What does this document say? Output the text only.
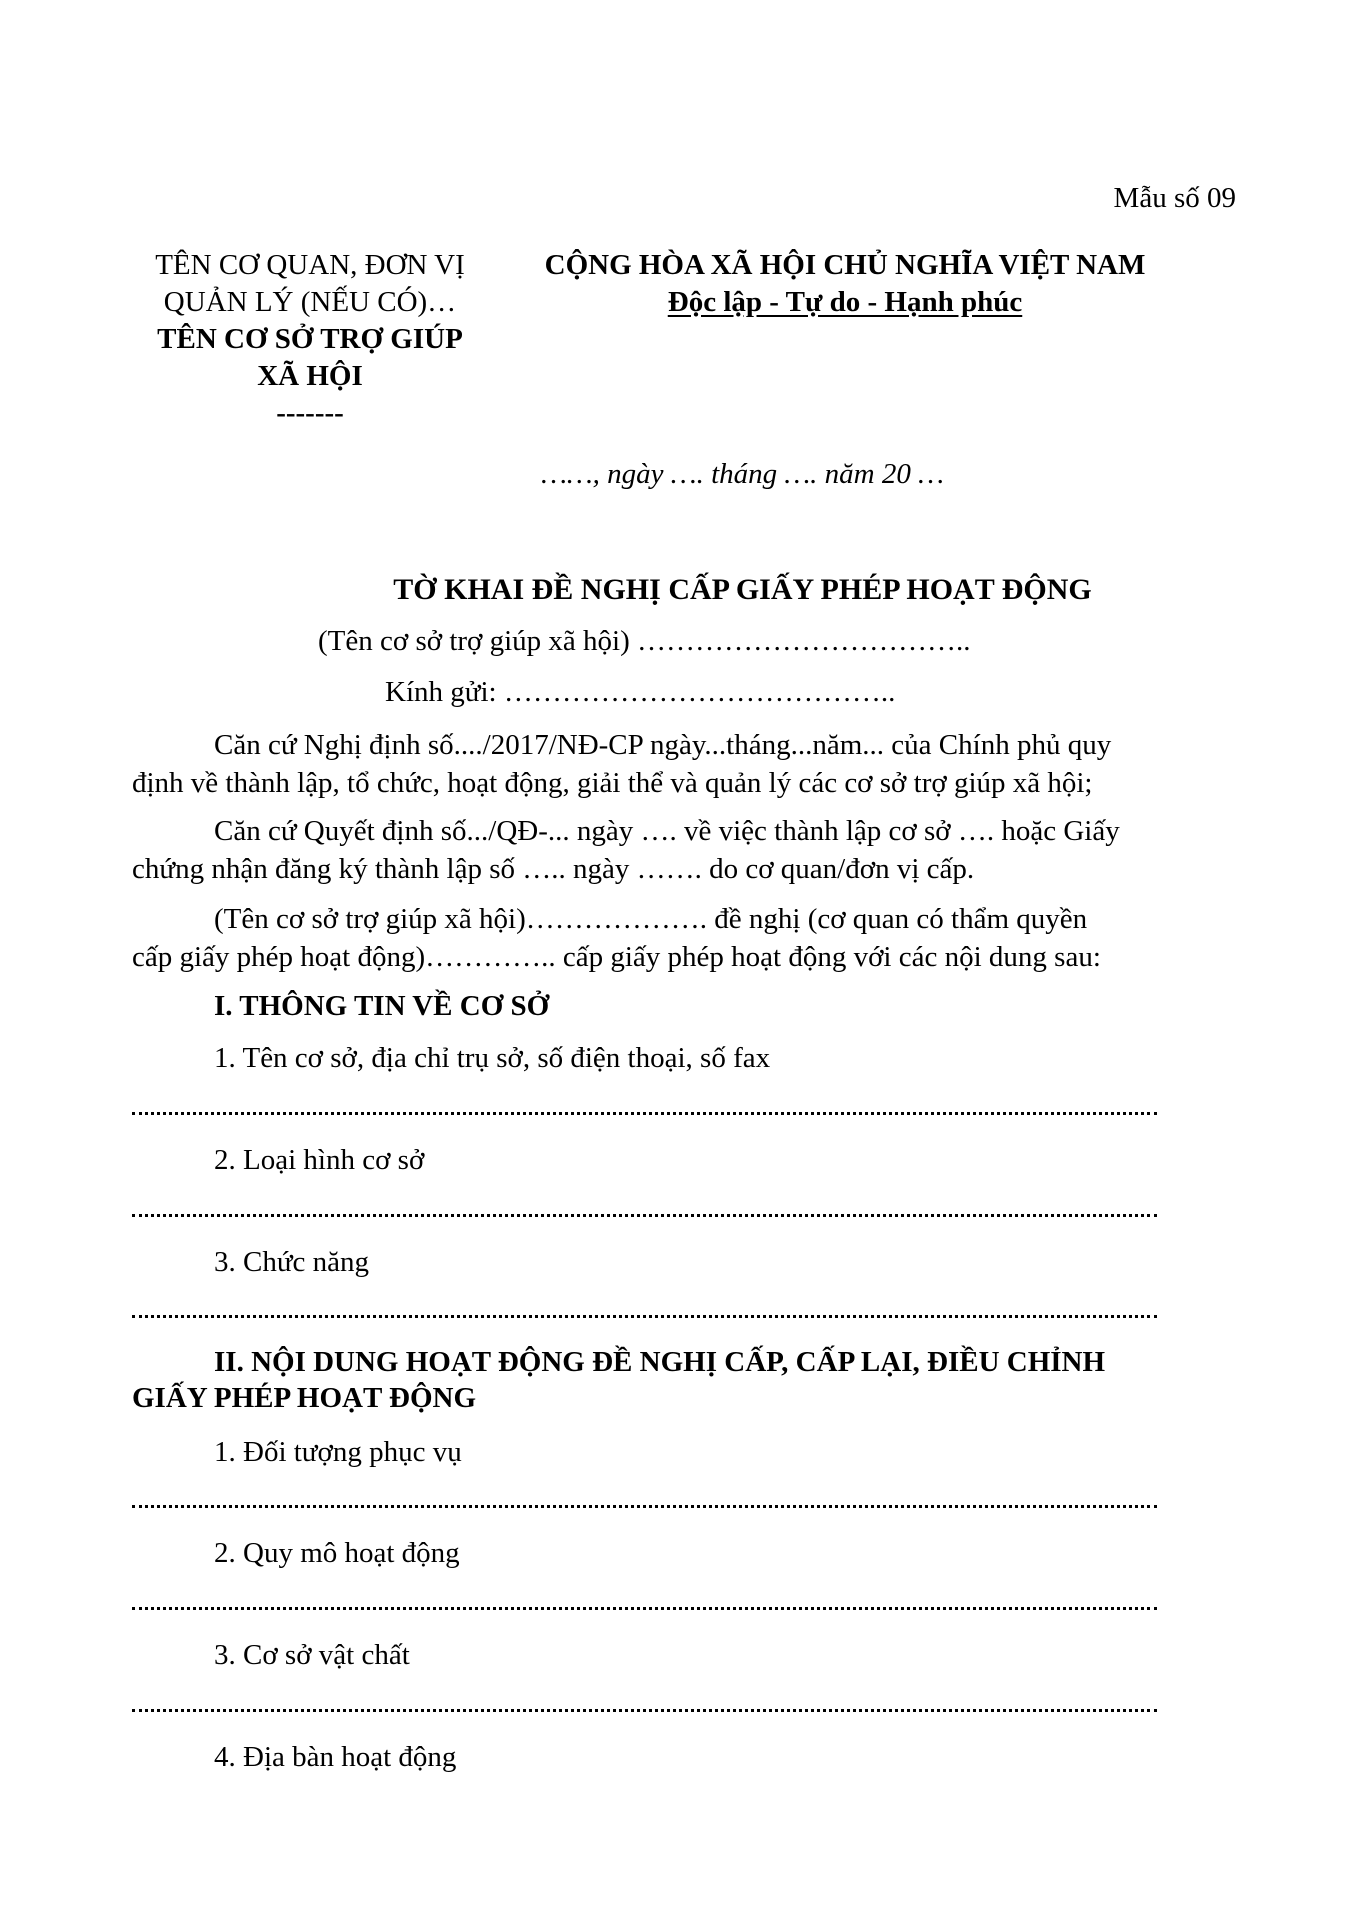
Mẫu số 09
TÊN CƠ QUAN, ĐƠN VỊ
QUẢN LÝ (NẾU CÓ)…
TÊN CƠ SỞ TRỢ GIÚP
XÃ HỘI
-------
CỘNG HÒA XÃ HỘI CHỦ NGHĨA VIỆT NAM
Độc lập - Tự do - Hạnh phúc
……, ngày …. tháng …. năm 20 …
TỜ KHAI ĐỀ NGHỊ CẤP GIẤY PHÉP HOẠT ĐỘNG
(Tên cơ sở trợ giúp xã hội) ……………………………..
Kính gửi: …………………………………..
Căn cứ Nghị định số..../2017/NĐ-CP ngày...tháng...năm... của Chính phủ quy
định về thành lập, tổ chức, hoạt động, giải thể và quản lý các cơ sở trợ giúp xã hội;
Căn cứ Quyết định số.../QĐ-... ngày …. về việc thành lập cơ sở …. hoặc Giấy
chứng nhận đăng ký thành lập số ….. ngày ……. do cơ quan/đơn vị cấp.
(Tên cơ sở trợ giúp xã hội)………………. đề nghị (cơ quan có thẩm quyền
cấp giấy phép hoạt động)………….. cấp giấy phép hoạt động với các nội dung sau:
I. THÔNG TIN VỀ CƠ SỞ
1. Tên cơ sở, địa chỉ trụ sở, số điện thoại, số fax
2. Loại hình cơ sở
3. Chức năng
II. NỘI DUNG HOẠT ĐỘNG ĐỀ NGHỊ CẤP, CẤP LẠI, ĐIỀU CHỈNH
GIẤY PHÉP HOẠT ĐỘNG
1. Đối tượng phục vụ
2. Quy mô hoạt động
3. Cơ sở vật chất
4. Địa bàn hoạt động
